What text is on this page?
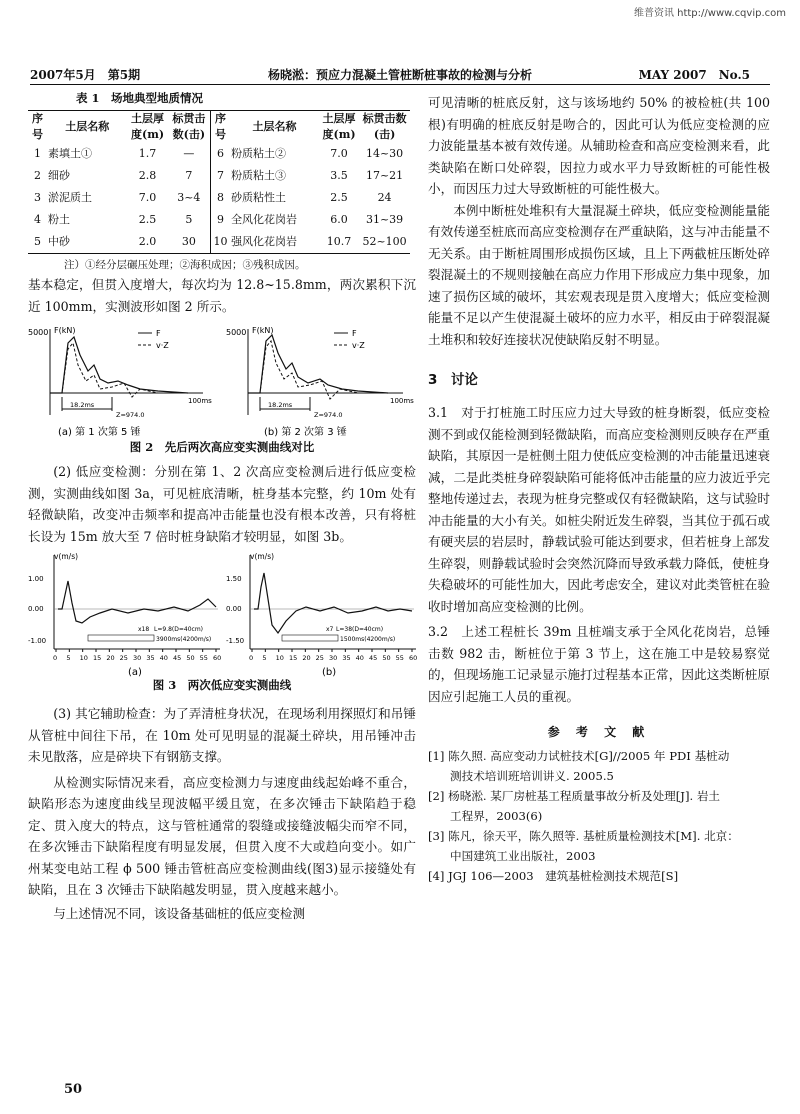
维普资讯 http://www.cqvip.com
2007年5月　第5期	杨晓淞：预应力混凝土管桩断桩事故的检测与分析	MAY 2007　No.5
表 1　场地典型地质情况
序号	土层名称	土层厚度(m)	标贯击数(击)	序号	土层名称	土层厚度(m)	标贯击数(击)

1	素填土①	1.7	—	6	粉质粘土②	7.0	14~30
2	细砂	2.8	7	7	粉质粘土③	3.5	17~21
3	淤泥质土	7.0	3~4	8	砂质粘性土	2.5	24
4	粉土	2.5	5	9	全风化花岗岩	6.0	31~39
5	中砂	2.0	30	10	强风化花岗岩	10.7	52~100
注）①经分层碾压处理；②海积成因；③残积成因。

基本稳定，但贯入度增大，每次均为 12.8~15.8mm，两次累积下沉近 100mm，实测波形如图 2 所示。

5000 F(kN)
100ms
F
v·Z
18.2ms
Z=974.0
(a) 第 1 次第 5 锤
5000 F(kN)
100ms
F
v·Z
18.2ms
Z=974.0
(b) 第 2 次第 3 锤
图 2　先后两次高应变实测曲线对比

(2) 低应变检测：分别在第 1、2 次高应变检测后进行低应变检测，实测曲线如图 3a，可见桩底清晰，桩身基本完整，约 10m 处有轻微缺陷，改变冲击频率和提高冲击能量也没有根本改善，只有将桩长设为 15m 放大至 7 倍时桩身缺陷才较明显，如图 3b。

v(m/s)
1.00
0.00
-1.00
x18 L=9.8(D=40cm)
3900ms(4200m/s)
0 5 10 15 20 25 30 35 40 45 50 55 60
(a)
v(m/s)
1.50
0.00
-1.50
x7 L=38(D=40cm)
1500ms(4200m/s)
0 5 10 15 20 25 30 35 40 45 50 55 60
(b)
图 3　两次低应变实测曲线

(3) 其它辅助检查：为了弄清桩身状况，在现场利用探照灯和吊锤从管桩中间往下吊，在 10m 处可见明显的混凝土碎块，用吊锤冲击未见散落，应是碎块下有钢筋支撑。

从检测实际情况来看，高应变检测力与速度曲线起始峰不重合，缺陷形态为速度曲线呈现波幅平缓且宽，在多次锤击下缺陷趋于稳定、贯入度大的特点，这与管桩通常的裂缝或接缝波幅尖而窄不同，在多次锤击下缺陷程度有明显发展，但贯入度不大或趋向变小。如广州某变电站工程 ϕ 500 锤击管桩高应变检测曲线(图3)显示接缝处有缺陷，且在 3 次锤击下缺陷越发明显，贯入度越来越小。

与上述情况不同，该设备基础桩的低应变检测

可见清晰的桩底反射，这与该场地约 50% 的被检桩(共 100 根)有明确的桩底反射是吻合的，因此可认为低应变检测的应力波能量基本被有效传递。从辅助检查和高应变检测来看，此类缺陷在断口处碎裂，因拉力或水平力导致断桩的可能性极小，而因压力过大导致断桩的可能性极大。

本例中断桩处堆积有大量混凝土碎块，低应变检测能量能有效传递至桩底而高应变检测存在严重缺陷，这与冲击能量不无关系。由于断桩周围形成损伤区域，且上下两截桩压断处碎裂混凝土的不规则接触在高应力作用下形成应力集中现象，加速了损伤区域的破坏，其宏观表现是贯入度增大；低应变检测能量不足以产生使混凝土破坏的应力水平，相反由于碎裂混凝土堆积和较好连接状况使缺陷反射不明显。

3　讨论

3.1　对于打桩施工时压应力过大导致的桩身断裂，低应变检测不到或仅能检测到轻微缺陷，而高应变检测则反映存在严重缺陷，其原因一是桩侧土阻力使低应变检测的冲击能量迅速衰减，二是此类桩身碎裂缺陷可能将低冲击能量的应力波近乎完整地传递过去，表现为桩身完整或仅有轻微缺陷，这与试验时冲击能量的大小有关。如桩尖附近发生碎裂，当其位于孤石或有硬夹层的岩层时，静载试验可能达到要求，但若桩身上部发生碎裂，则静载试验时会突然沉降而导致承载力降低，使桩身失稳破坏的可能性加大，因此考虑安全，建议对此类管桩在验收时增加高应变检测的比例。

3.2　上述工程桩长 39m 且桩端支承于全风化花岗岩，总锤击数 982 击，断桩位于第 3 节上，这在施工中是较易察觉的，但现场施工记录显示施打过程基本正常，因此这类断桩原因应引起施工人员的重视。

参 考 文 献
[1] 陈久照. 高应变动力试桩技术[G]//2005 年 PDI 基桩动
测技术培训班培训讲义. 2005.5
[2] 杨晓淞. 某厂房桩基工程质量事故分析及处理[J]. 岩土
工程界，2003(6)
[3] 陈凡，徐天平，陈久照等. 基桩质量检测技术[M]. 北京：
中国建筑工业出版社，2003
[4] JGJ 106—2003　建筑基桩检测技术规范[S]
50
